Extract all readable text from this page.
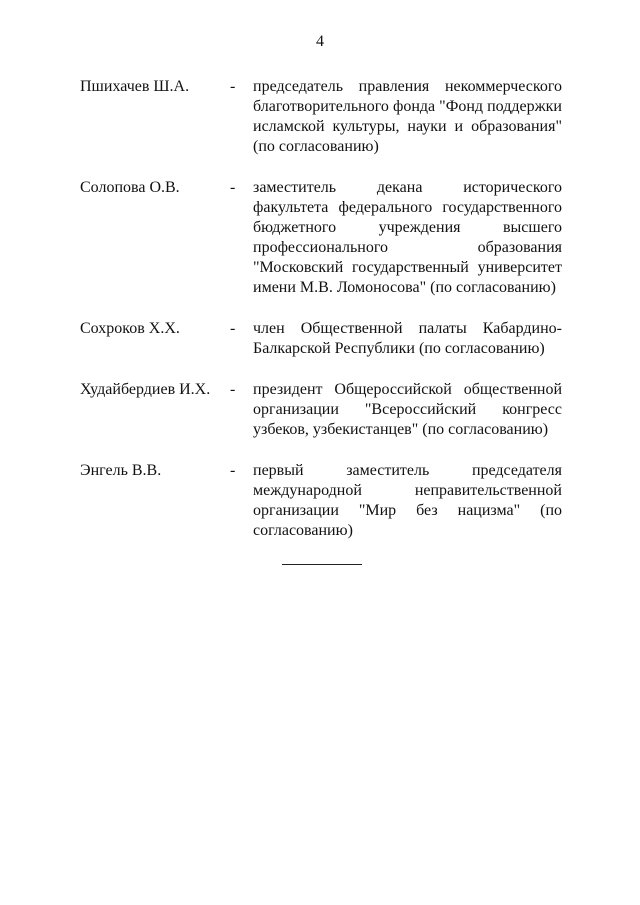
4
Пшихачев Ш.А.	- председатель правления некоммерческого благотворительного фонда "Фонд поддержки исламской культуры, науки и образования" (по согласованию)
Солопова О.В.	- заместитель декана исторического факультета федерального государственного бюджетного учреждения высшего профессионального образования "Московский государственный университет имени М.В. Ломоносова" (по согласованию)
Сохроков Х.Х.	- член Общественной палаты Кабардино-Балкарской Республики (по согласованию)
Худайбердиев И.Х. - президент Общероссийской общественной организации "Всероссийский конгресс узбеков, узбекистанцев" (по согласованию)
Энгель В.В.	- первый заместитель председателя международной неправительственной организации "Мир без нацизма" (по согласованию)
